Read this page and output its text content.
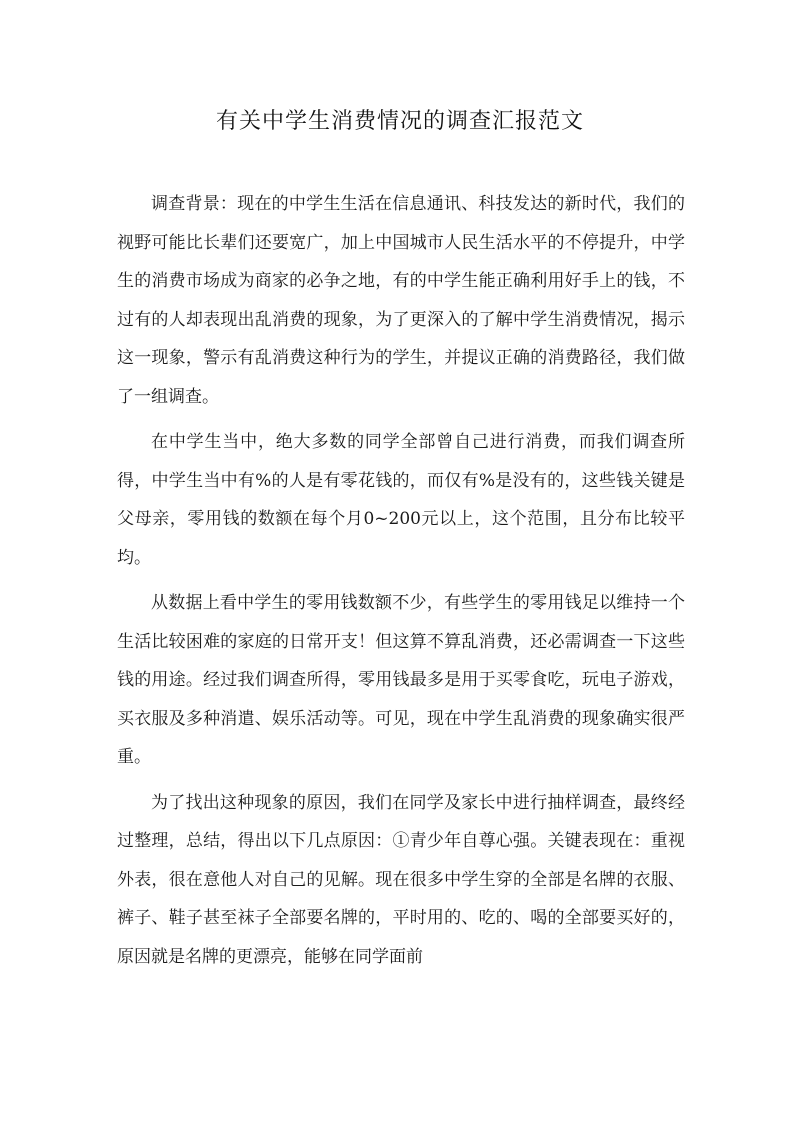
有关中学生消费情况的调查汇报范文

调查背景：现在的中学生生活在信息通讯、科技发达的新时代，我们的视野可能比长辈们还要宽广，加上中国城市人民生活水平的不停提升，中学生的消费市场成为商家的必争之地，有的中学生能正确利用好手上的钱，不过有的人却表现出乱消费的现象，为了更深入的了解中学生消费情况，揭示这一现象，警示有乱消费这种行为的学生，并提议正确的消费路径，我们做了一组调查。

在中学生当中，绝大多数的同学全部曾自己进行消费，而我们调查所得，中学生当中有%的人是有零花钱的，而仅有%是没有的，这些钱关键是父母亲，零用钱的数额在每个月0~200元以上，这个范围，且分布比较平均。

从数据上看中学生的零用钱数额不少，有些学生的零用钱足以维持一个生活比较困难的家庭的日常开支！但这算不算乱消费，还必需调查一下这些钱的用途。经过我们调查所得，零用钱最多是用于买零食吃，玩电子游戏，买衣服及多种消遣、娱乐活动等。可见，现在中学生乱消费的现象确实很严重。

为了找出这种现象的原因，我们在同学及家长中进行抽样调查，最终经过整理，总结，得出以下几点原因：①青少年自尊心强。关键表现在：重视外表，很在意他人对自己的见解。现在很多中学生穿的全部是名牌的衣服、裤子、鞋子甚至袜子全部要名牌的，平时用的、吃的、喝的全部要买好的，原因就是名牌的更漂亮，能够在同学面前
